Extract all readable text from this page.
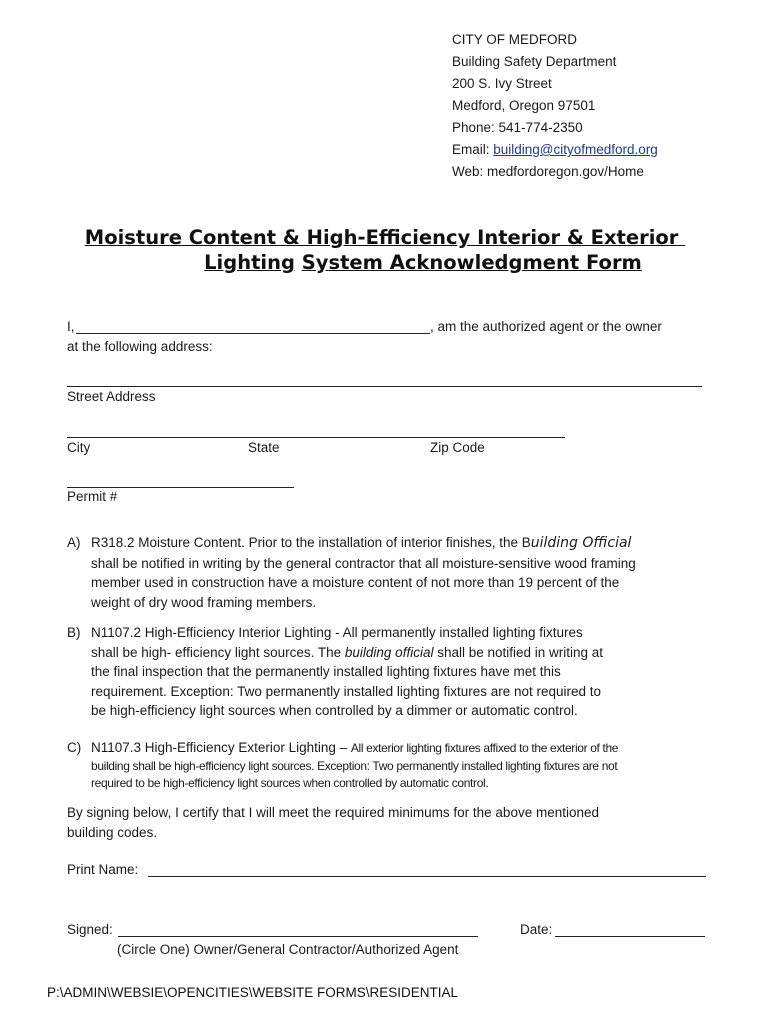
CITY OF MEDFORD
Building Safety Department
200 S. Ivy Street
Medford, Oregon 97501
Phone: 541-774-2350
Email: building@cityofmedford.org
Web: medfordoregon.gov/Home
Moisture Content & High-Efficiency Interior & Exterior
Lighting System Acknowledgment Form
I,	, am the authorized agent or the owner
at the following address:
Street Address
City	State	Zip Code
Permit #
A) R318.2 Moisture Content. Prior to the installation of interior finishes, the Building Official
shall be notified in writing by the general contractor that all moisture-sensitive wood framing
member used in construction have a moisture content of not more than 19 percent of the
weight of dry wood framing members.
B) N1107.2 High-Efficiency Interior Lighting - All permanently installed lighting fixtures
shall be high- efficiency light sources. The building official shall be notified in writing at
the final inspection that the permanently installed lighting fixtures have met this
requirement. Exception: Two permanently installed lighting fixtures are not required to
be high-efficiency light sources when controlled by a dimmer or automatic control.
C) N1107.3 High-Efficiency Exterior Lighting – All exterior lighting fixtures affixed to the exterior of the
building shall be high-efficiency light sources. Exception: Two permanently installed lighting fixtures are not
required to be high-efficiency light sources when controlled by automatic control.
By signing below, I certify that I will meet the required minimums for the above mentioned
building codes.
Print Name:
Signed:	Date:
(Circle One) Owner/General Contractor/Authorized Agent
P:\ADMIN\WEBSIE\OPENCITIES\WEBSITE FORMS\RESIDENTIAL
